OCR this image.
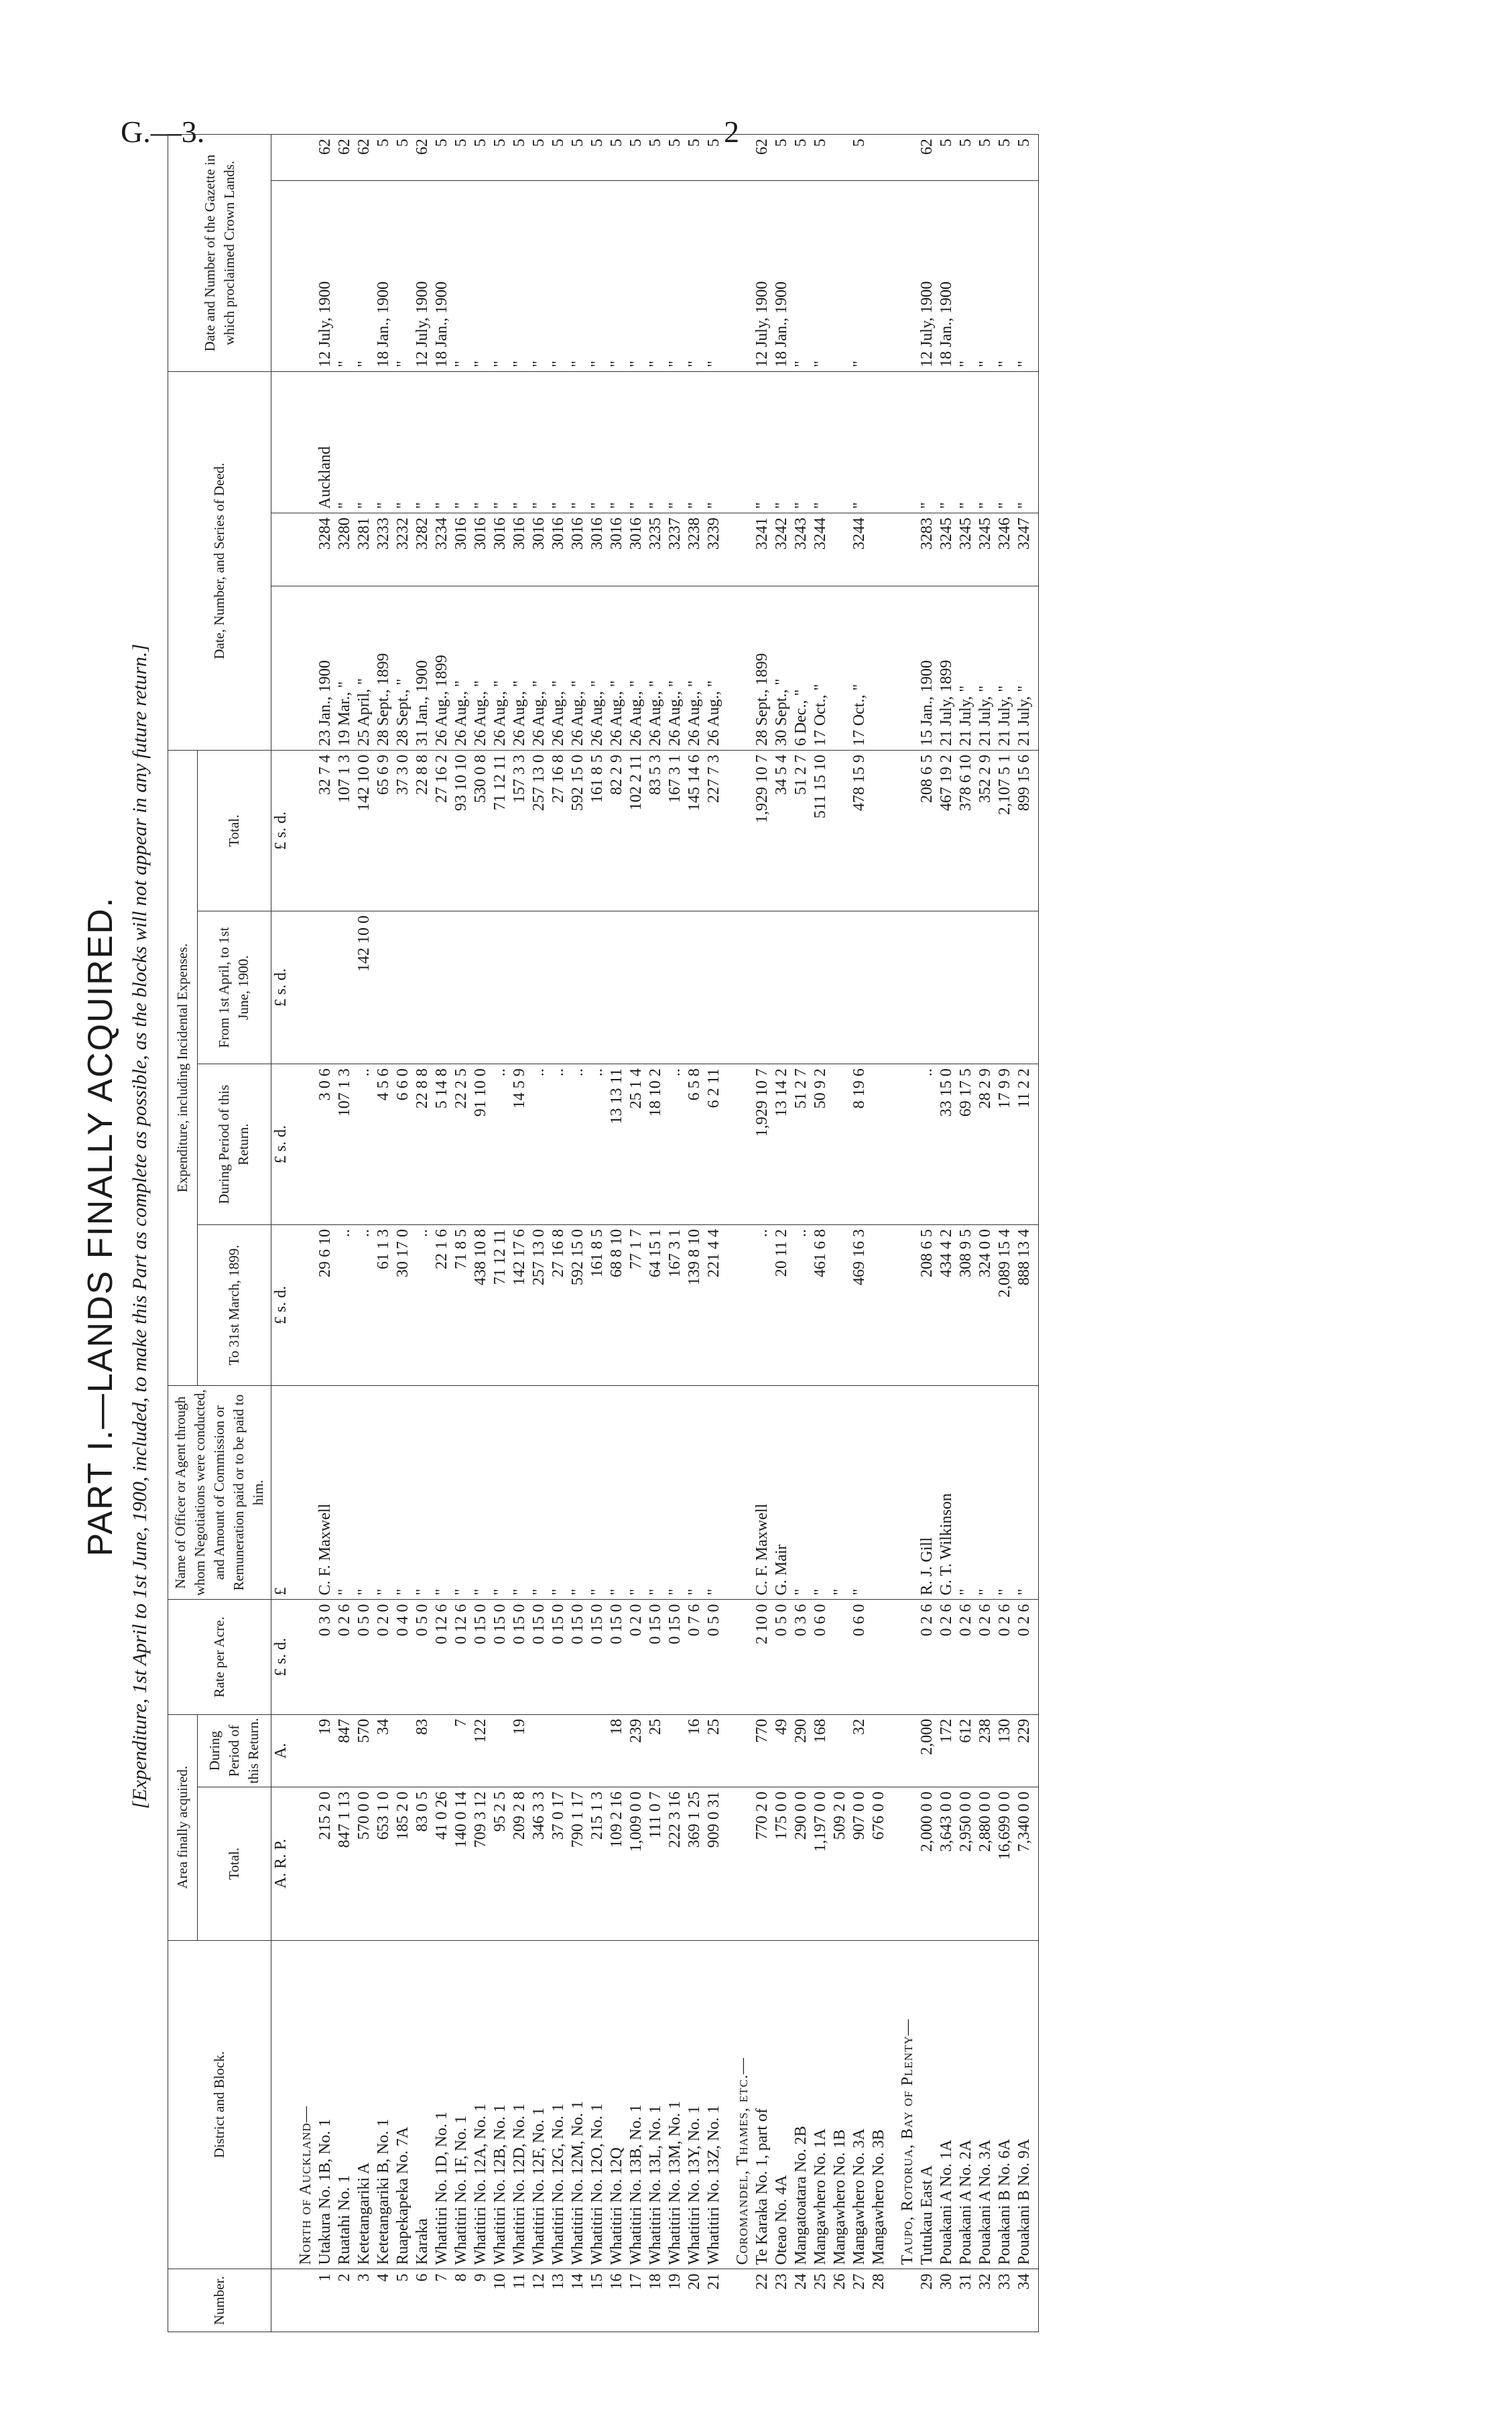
G.—3.	2
PART I.—LANDS FINALLY ACQUIRED. [Expenditure, 1st April to 1st June, 1900, included, to make this Part as complete as possible, as the blocks will not appear in any future return.]
Number.	District and Block.	Area finally acquired.		Rate per Acre.	Name of Officer or Agent through whom Negotiations were conducted, and Amount of Commission or Remuneration paid or to be paid to him.	Expenditure, including Incidental Expenses.				Date, Number, and Series of Deed.			Date and Number of the Gazette in which proclaimed Crown Lands.	
		Total.	During Period of this Return.			To 31st March, 1899.	During Period of this Return.	From 1st April, to 1st June, 1900.	Total.					
		A. R. P.	A.	£ s. d.	£	£ s. d.	£ s. d.	£ s. d.	£ s. d.					
	North of Auckland—													
1	Utakura No. 1B, No. 1	215 2 0	19	0 3 0	C. F. Maxwell	29 6 10	3 0 6		32 7 4	23 Jan., 1900	3284	Auckland	12 July, 1900	62
2	Ruatahi No. 1	847 1 13	847	0 2 6	"	..	107 1 3		107 1 3	19 Mar., "	3280	"	"	62
3	Ketetangariki A	570 0 0	570	0 5 0	"	..	..	142 10 0	142 10 0	25 April, "	3281	"	"	62
4	Ketetangariki B, No. 1	653 1 0	34	0 2 0	"	61 1 3	4 5 6		65 6 9	28 Sept., 1899	3233	"	18 Jan., 1900	5
5	Ruapekapeka No. 7A	185 2 0		0 4 0	"	30 17 0	6 6 0		37 3 0	28 Sept., "	3232	"	"	5
6	Karaka	83 0 5	83	0 5 0	"	..	22 8 8		22 8 8	31 Jan., 1900	3282	"	12 July, 1900	62
7	Whatitiri No. 1D, No. 1	41 0 26		0 12 6	"	22 1 6	5 14 8		27 16 2	26 Aug., 1899	3234	"	18 Jan., 1900	5
8	Whatitiri No. 1F, No. 1	140 0 14	7	0 12 6	"	71 8 5	22 2 5		93 10 10	26 Aug., "	3016	"	"	5
9	Whatitiri No. 12A, No. 1	709 3 12	122	0 15 0	"	438 10 8	91 10 0		530 0 8	26 Aug., "	3016	"	"	5
10	Whatitiri No. 12B, No. 1	95 2 5		0 15 0	"	71 12 11	..		71 12 11	26 Aug., "	3016	"	"	5
11	Whatitiri No. 12D, No. 1	209 2 8	19	0 15 0	"	142 17 6	14 5 9		157 3 3	26 Aug., "	3016	"	"	5
12	Whatitiri No. 12F, No. 1	346 3 3		0 15 0	"	257 13 0	..		257 13 0	26 Aug., "	3016	"	"	5
13	Whatitiri No. 12G, No. 1	37 0 17		0 15 0	"	27 16 8	..		27 16 8	26 Aug., "	3016	"	"	5
14	Whatitiri No. 12M, No. 1	790 1 17		0 15 0	"	592 15 0	..		592 15 0	26 Aug., "	3016	"	"	5
15	Whatitiri No. 12O, No. 1	215 1 3		0 15 0	"	161 8 5	..		161 8 5	26 Aug., "	3016	"	"	5
16	Whatitiri No. 12Q	109 2 16	18	0 15 0	"	68 8 10	13 13 11		82 2 9	26 Aug., "	3016	"	"	5
17	Whatitiri No. 13B, No. 1	1,009 0 0	239	0 2 0	"	77 1 7	25 1 4		102 2 11	26 Aug., "	3016	"	"	5
18	Whatitiri No. 13L, No. 1	111 0 7	25	0 15 0	"	64 15 1	18 10 2		83 5 3	26 Aug., "	3235	"	"	5
19	Whatitiri No. 13M, No. 1	222 3 16		0 15 0	"	167 3 1	..		167 3 1	26 Aug., "	3237	"	"	5
20	Whatitiri No. 13Y, No. 1	369 1 25	16	0 7 6	"	139 8 10	6 5 8		145 14 6	26 Aug., "	3238	"	"	5
21	Whatitiri No. 13Z, No. 1	909 0 31	25	0 5 0	"	221 4 4	6 2 11		227 7 3	26 Aug., "	3239	"	"	5
	Coromandel, Thames, etc.—													
22	Te Karaka No. 1, part of	770 2 0	770	2 10 0	C. F. Maxwell	..	1,929 10 7		1,929 10 7	28 Sept., 1899	3241	"	12 July, 1900	62
23	Oteao No. 4A	175 0 0	49	0 5 0	G. Mair	20 11 2	13 14 2		34 5 4	30 Sept., "	3242	"	18 Jan., 1900	5
24	Mangatoatara No. 2B	290 0 0	290	0 3 6	"	..	51 2 7		51 2 7	6 Dec., "	3243	"	"	5
25	Mangawhero No. 1A	1,197 0 0	168	0 6 0	"	461 6 8	50 9 2		511 15 10	17 Oct., "	3244	"	"	5
26	Mangawhero No. 1B	509 2 0			"									
27	Mangawhero No. 3A	907 0 0	32	0 6 0	"	469 16 3	8 19 6		478 15 9	17 Oct., "	3244	"	"	5
28	Mangawhero No. 3B	676 0 0												
	Taupo, Rotorua, Bay of Plenty—													
29	Tutukau East A	2,000 0 0	2,000	0 2 6	R. J. Gill	208 6 5	..		208 6 5	15 Jan., 1900	3283	"	12 July, 1900	62
30	Pouakani A No. 1A	3,643 0 0	172	0 2 6	G. T. Wilkinson	434 4 2	33 15 0		467 19 2	21 July, 1899	3245	"	18 Jan., 1900	5
31	Pouakani A No. 2A	2,950 0 0	612	0 2 6	"	308 9 5	69 17 5		378 6 10	21 July, "	3245	"	"	5
32	Pouakani A No. 3A	2,880 0 0	238	0 2 6	"	324 0 0	28 2 9		352 2 9	21 July, "	3245	"	"	5
33	Pouakani B No. 6A	16,699 0 0	130	0 2 6	"	2,089 15 4	17 9 9		2,107 5 1	21 July, "	3246	"	"	5
34	Pouakani B No. 9A	7,340 0 0	229	0 2 6	"	888 13 4	11 2 2		899 15 6	21 July, "	3247	"	"	5
